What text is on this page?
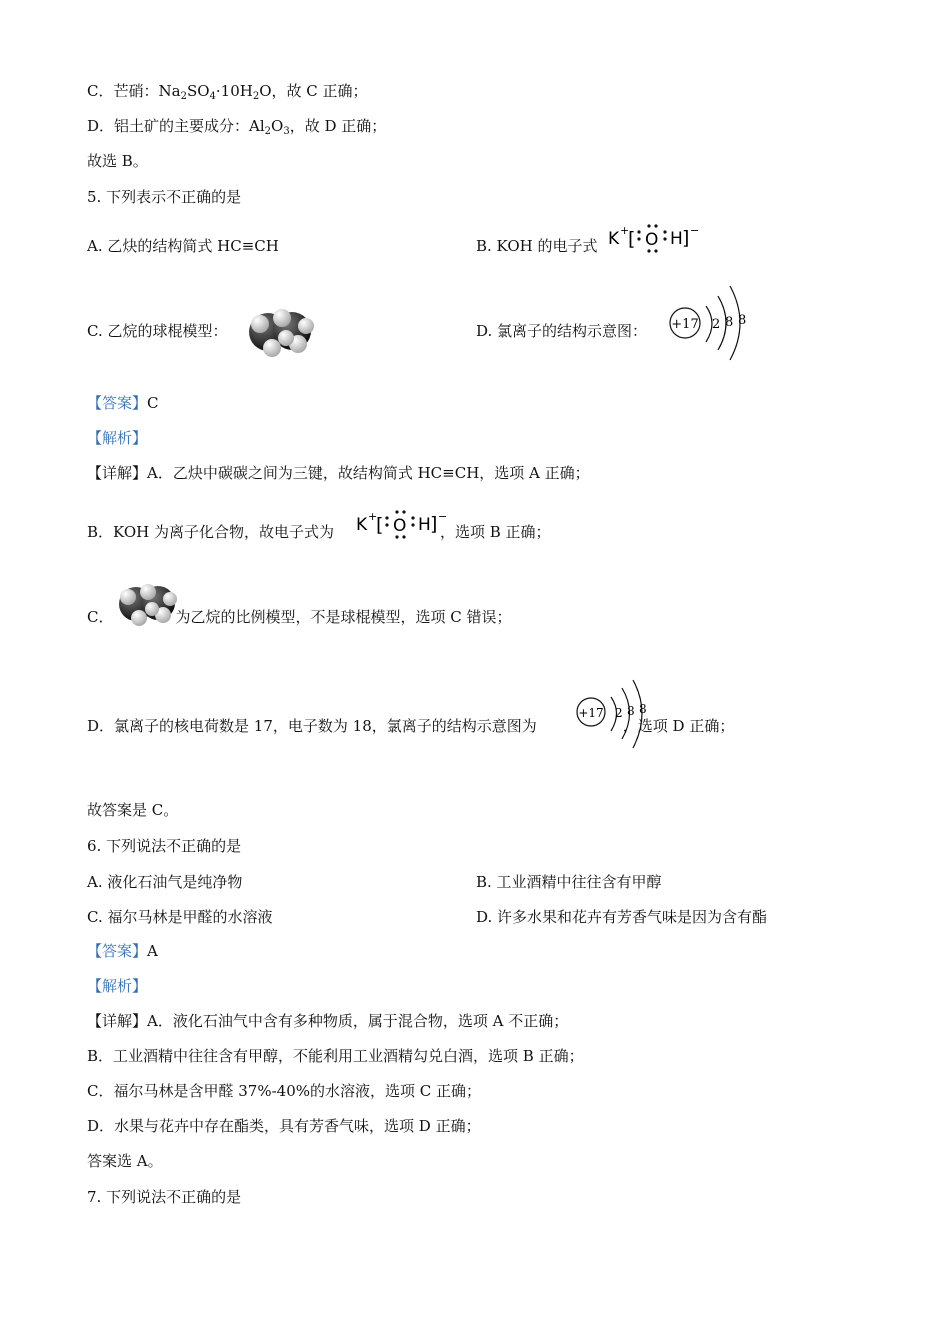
C．芒硝：$Na_2SO_4\cdot 10H_2O$，故 C 正确；
D．铝土矿的主要成分：$Al_2O_3$，故 D 正确；
故选 B。
5. 下列表示不正确的是
A. 乙炔的结构简式 HC≡CH	B. KOH 的电子式 K +
[ O H ] −
C. 乙烷的球棍模型：	D. 氯离子的结构示意图： +17 2 8 8
【答案】C
【解析】
【详解】A．乙炔中碳碳之间为三键，故结构简式 HC≡CH，选项 A 正确；
B．KOH 为离子化合物，故电子式为	，选项 B 正确；
K +
[ O H ] −
C．	为乙烷的比例模型，不是球棍模型，选项 C 错误；
D．氯离子的核电荷数是 17，电子数为 18，氯离子的结构示意图为	，选项 D 正确；
+17 2 8 8
故答案是 C。
6. 下列说法不正确的是
A. 液化石油气是纯净物	B. 工业酒精中往往含有甲醇
C. 福尔马林是甲醛的水溶液	D. 许多水果和花卉有芳香气味是因为含有酯
【答案】A
【解析】
【详解】A．液化石油气中含有多种物质，属于混合物，选项 A 不正确；
B．工业酒精中往往含有甲醇，不能利用工业酒精勾兑白酒，选项 B 正确；
C．福尔马林是含甲醛 37%-40%的水溶液，选项 C 正确；
D．水果与花卉中存在酯类，具有芳香气味，选项 D 正确；
答案选 A。
7. 下列说法不正确的是
